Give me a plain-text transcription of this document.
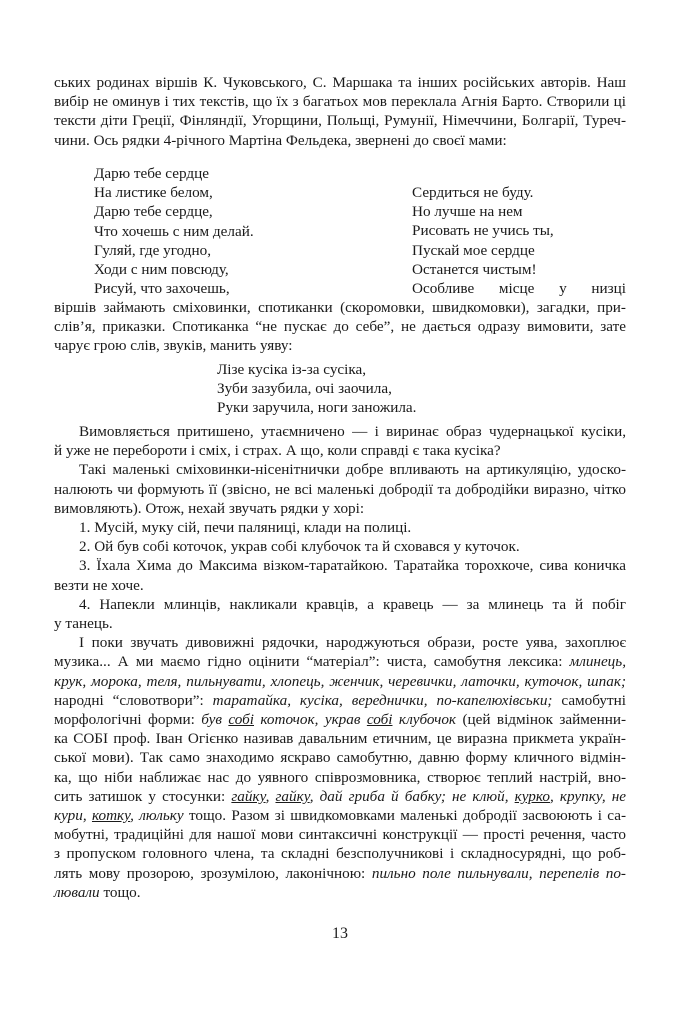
ських родинах віршів К. Чуковського, С. Маршака та інших російських авторів. Наш

вибір не оминув і тих текстів, що їх з багатьох мов переклала Агнія Барто. Створили ці

тексти діти Греції, Фінляндії, Угорщини, Польщі, Румунії, Німеччини, Болгарії, Туреч-

чини. Ось рядки 4-річного Мартіна Фельдека, звернені до своєї мами:

Дарю тебе сердце
На листике белом,
Дарю тебе сердце,
Что хочешь с ним делай.
Гуляй, где угодно,
Ходи с ним повсюду,
Рисуй, что захочешь,
Сердиться не буду.
Но лучше на нем
Рисовать не учись ты,
Пускай мое сердце
Останется чистым!
Особливе місце у низці

віршів займають сміховинки, спотиканки (скоромовки, швидкомовки), загадки, при-

слів’я, приказки. Спотиканка “не пускає до себе”, не дається одразу вимовити, зате

чарує грою слів, звуків, манить уяву:

Лізе кусіка із-за сусіка,
Зуби зазубила, очі заочила,
Руки заручила, ноги заножила.

Вимовляється притишено, утаємничено — і виринає образ чудернацької кусіки,

й уже не перебороти і сміх, і страх. А що, коли справді є така кусіка?

Такі маленькі сміховинки-нісенітнички добре впливають на артикуляцію, удоско-

налюють чи формують її (звісно, не всі маленькі добродії та добродійки виразно, чітко

вимовляють). Отож, нехай звучать рядки у хорі:

1. Мусій, муку сій, печи паляниці, клади на полиці.

2. Ой був собі коточок, украв собі клубочок та й сховався у куточок.

3. Їхала Хима до Максима візком-таратайкою. Таратайка торохкоче, сива коничка

везти не хоче.

4. Напекли млинців, накликали кравців, а кравець — за млинець та й побіг

у танець.

І поки звучать дивовижні рядочки, народжуються образи, росте уява, захоплює

музика... А ми маємо гідно оцінити “матеріал”: чиста, самобутня лексика: млинець,

крук, морока, теля, пильнувати, хлопець, женчик, черевички, латочки, куточок, шпак;

народні “словотвори”: таратайка, кусіка, вереднички, по-капелюхівськи; самобутні

морфологічні форми: був собі коточок, украв собі клубочок (цей відмінок займенни-

ка СОБІ проф. Іван Огієнко називав давальним етичним, це виразна прикмета україн-

ської мови). Так само знаходимо яскраво самобутню, давню форму кличного відмін-

ка, що ніби наближає нас до уявного співрозмовника, створює теплий настрій, вно-

сить затишок у стосунки: гайку, гайку, дай гриба й бабку; не клюй, курко, крупку, не

кури, котку, люльку тощо. Разом зі швидкомовками маленькі добродії засвоюють і са-

мобутні, традиційні для нашої мови синтаксичні конструкції — прості речення, часто

з пропуском головного члена, та складні безсполучникові і складносурядні, що роб-

лять мову прозорою, зрозумілою, лаконічною: пильно поле пильнували, перепелів по-

лювали тощо.

13
